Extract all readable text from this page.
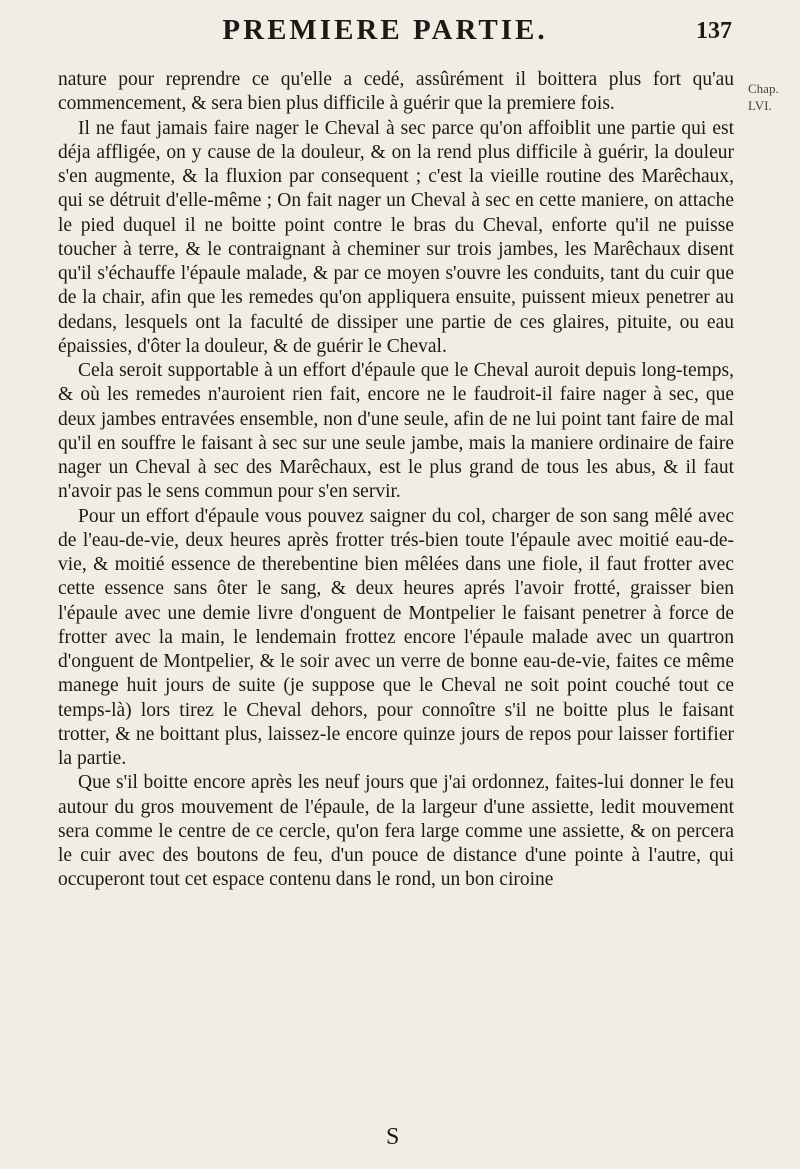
PREMIERE PARTIE.	137
Chap.
LVI.

nature pour reprendre ce qu'elle a cedé, assûrément il boittera plus fort qu'au commencement, & sera bien plus difficile à guérir que la premiere fois.

Il ne faut jamais faire nager le Cheval à sec parce qu'on affoiblit une partie qui est déja affligée, on y cause de la douleur, & on la rend plus difficile à guérir, la douleur s'en augmente, & la fluxion par consequent ; c'est la vieille routine des Marêchaux, qui se détruit d'elle-même ; On fait nager un Cheval à sec en cette maniere, on attache le pied duquel il ne boitte point contre le bras du Cheval, enforte qu'il ne puisse toucher à terre, & le contraignant à cheminer sur trois jambes, les Marêchaux disent qu'il s'échauffe l'épaule malade, & par ce moyen s'ouvre les conduits, tant du cuir que de la chair, afin que les remedes qu'on appliquera ensuite, puissent mieux penetrer au dedans, lesquels ont la faculté de dissiper une partie de ces glaires, pituite, ou eau épaissies, d'ôter la douleur, & de guérir le Cheval.

Cela seroit supportable à un effort d'épaule que le Cheval auroit depuis long-temps, & où les remedes n'auroient rien fait, encore ne le faudroit-il faire nager à sec, que deux jambes entravées ensemble, non d'une seule, afin de ne lui point tant faire de mal qu'il en souffre le faisant à sec sur une seule jambe, mais la maniere ordinaire de faire nager un Cheval à sec des Marêchaux, est le plus grand de tous les abus, & il faut n'avoir pas le sens commun pour s'en servir.

Pour un effort d'épaule vous pouvez saigner du col, charger de son sang mêlé avec de l'eau-de-vie, deux heures après frotter trés-bien toute l'épaule avec moitié eau-de-vie, & moitié essence de therebentine bien mêlées dans une fiole, il faut frotter avec cette essence sans ôter le sang, & deux heures aprés l'avoir frotté, graisser bien l'épaule avec une demie livre d'onguent de Montpelier le faisant penetrer à force de frotter avec la main, le lendemain frottez encore l'épaule malade avec un quartron d'onguent de Montpelier, & le soir avec un verre de bonne eau-de-vie, faites ce même manege huit jours de suite (je suppose que le Cheval ne soit point couché tout ce temps-là) lors tirez le Cheval dehors, pour connoître s'il ne boitte plus le faisant trotter, & ne boittant plus, laissez-le encore quinze jours de repos pour laisser fortifier la partie.

Que s'il boitte encore après les neuf jours que j'ai ordonnez, faites-lui donner le feu autour du gros mouvement de l'épaule, de la largeur d'une assiette, ledit mouvement sera comme le centre de ce cercle, qu'on fera large comme une assiette, & on percera le cuir avec des boutons de feu, d'un pouce de distance d'une pointe à l'autre, qui occuperont tout cet espace contenu dans le rond, un bon ciroine

S
